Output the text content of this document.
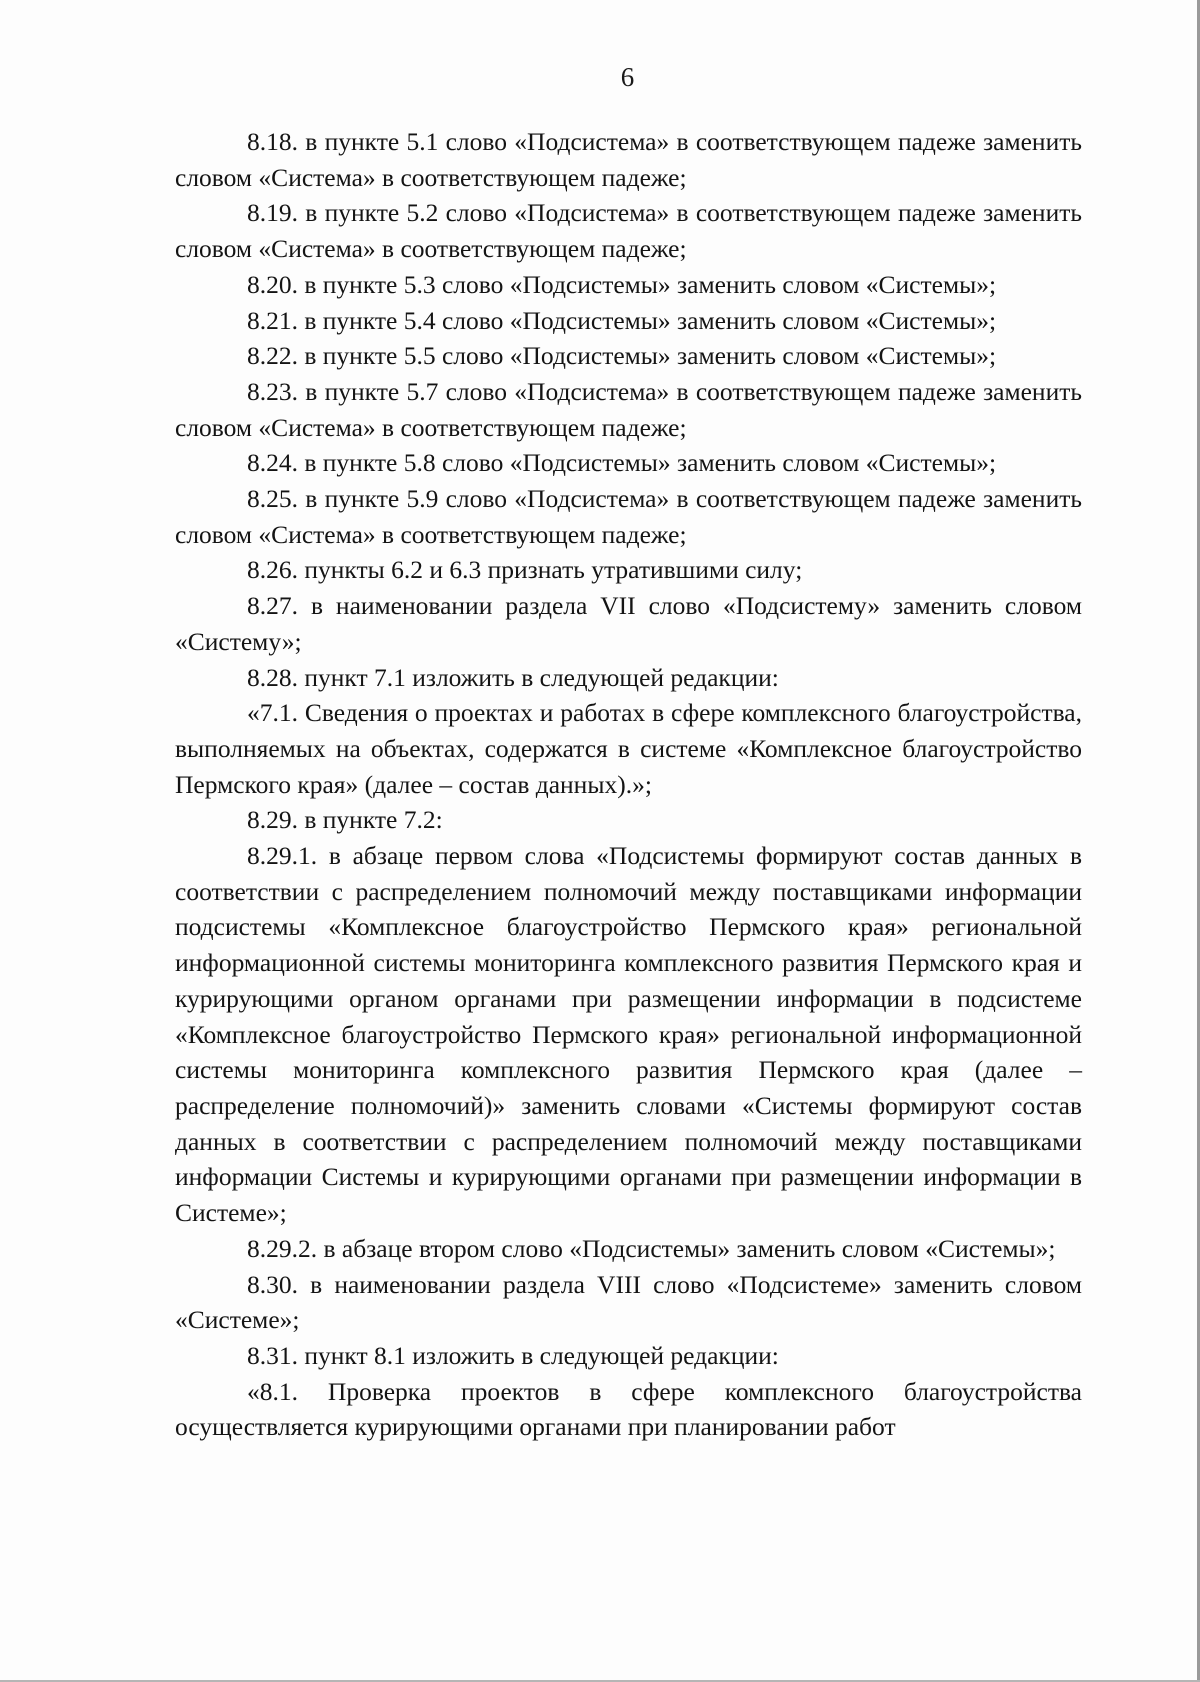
6

8.18. в пункте 5.1 слово «Подсистема» в соответствующем падеже заменить словом «Система» в соответствующем падеже;

8.19. в пункте 5.2 слово «Подсистема» в соответствующем падеже заменить словом «Система» в соответствующем падеже;

8.20. в пункте 5.3 слово «Подсистемы» заменить словом «Системы»;

8.21. в пункте 5.4 слово «Подсистемы» заменить словом «Системы»;

8.22. в пункте 5.5 слово «Подсистемы» заменить словом «Системы»;

8.23. в пункте 5.7 слово «Подсистема» в соответствующем падеже заменить словом «Система» в соответствующем падеже;

8.24. в пункте 5.8 слово «Подсистемы» заменить словом «Системы»;

8.25. в пункте 5.9 слово «Подсистема» в соответствующем падеже заменить словом «Система» в соответствующем падеже;

8.26. пункты 6.2 и 6.3 признать утратившими силу;

8.27. в наименовании раздела VII слово «Подсистему» заменить словом «Систему»;

8.28. пункт 7.1 изложить в следующей редакции:

«7.1. Сведения о проектах и работах в сфере комплексного благоустройства, выполняемых на объектах, содержатся в системе «Комплексное благоустройство Пермского края» (далее – состав данных).»;

8.29. в пункте 7.2:

8.29.1. в абзаце первом слова «Подсистемы формируют состав данных в соответствии с распределением полномочий между поставщиками информации подсистемы «Комплексное благоустройство Пермского края» региональной информационной системы мониторинга комплексного развития Пермского края и курирующими органом органами при размещении информации в подсистеме «Комплексное благоустройство Пермского края» региональной информационной системы мониторинга комплексного развития Пермского края (далее – распределение полномочий)» заменить словами «Системы формируют состав данных в соответствии с распределением полномочий между поставщиками информации Системы и курирующими органами при размещении информации в Системе»;

8.29.2. в абзаце втором слово «Подсистемы» заменить словом «Системы»;

8.30. в наименовании раздела VIII слово «Подсистеме» заменить словом «Системе»;

8.31. пункт 8.1 изложить в следующей редакции:

«8.1. Проверка проектов в сфере комплексного благоустройства осуществляется курирующими органами при планировании работ
